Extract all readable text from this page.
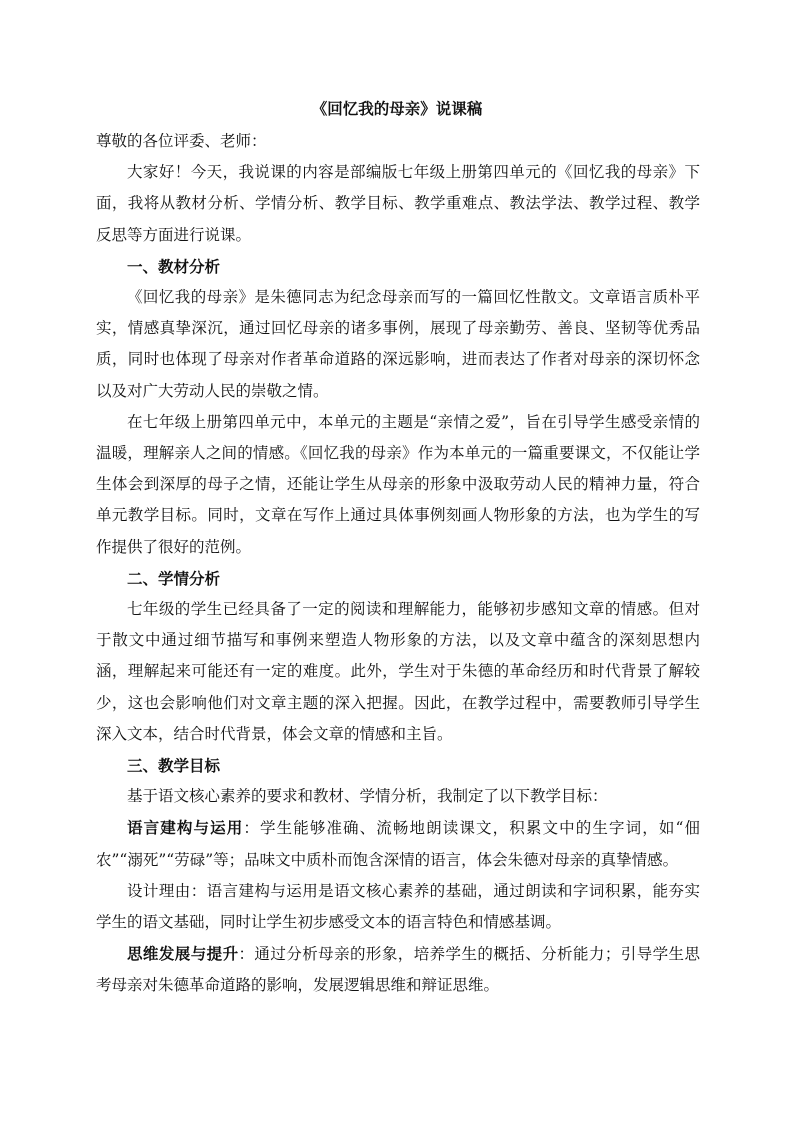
《回忆我的母亲》说课稿

尊敬的各位评委、老师：

大家好！今天，我说课的内容是部编版七年级上册第四单元的《回忆我的母亲》下面，我将从教材分析、学情分析、教学目标、教学重难点、教法学法、教学过程、教学反思等方面进行说课。

一、教材分析

《回忆我的母亲》是朱德同志为纪念母亲而写的一篇回忆性散文。文章语言质朴平实，情感真挚深沉，通过回忆母亲的诸多事例，展现了母亲勤劳、善良、坚韧等优秀品质，同时也体现了母亲对作者革命道路的深远影响，进而表达了作者对母亲的深切怀念以及对广大劳动人民的崇敬之情。

在七年级上册第四单元中，本单元的主题是“亲情之爱”，旨在引导学生感受亲情的温暖，理解亲人之间的情感。《回忆我的母亲》作为本单元的一篇重要课文，不仅能让学生体会到深厚的母子之情，还能让学生从母亲的形象中汲取劳动人民的精神力量，符合单元教学目标。同时，文章在写作上通过具体事例刻画人物形象的方法，也为学生的写作提供了很好的范例。

二、学情分析

七年级的学生已经具备了一定的阅读和理解能力，能够初步感知文章的情感。但对于散文中通过细节描写和事例来塑造人物形象的方法，以及文章中蕴含的深刻思想内涵，理解起来可能还有一定的难度。此外，学生对于朱德的革命经历和时代背景了解较少，这也会影响他们对文章主题的深入把握。因此，在教学过程中，需要教师引导学生深入文本，结合时代背景，体会文章的情感和主旨。

三、教学目标

基于语文核心素养的要求和教材、学情分析，我制定了以下教学目标：

语言建构与运用：学生能够准确、流畅地朗读课文，积累文中的生字词，如“佃农”“溺死”“劳碌”等；品味文中质朴而饱含深情的语言，体会朱德对母亲的真挚情感。

设计理由：语言建构与运用是语文核心素养的基础，通过朗读和字词积累，能夯实学生的语文基础，同时让学生初步感受文本的语言特色和情感基调。

思维发展与提升：通过分析母亲的形象，培养学生的概括、分析能力；引导学生思考母亲对朱德革命道路的影响，发展逻辑思维和辩证思维。
